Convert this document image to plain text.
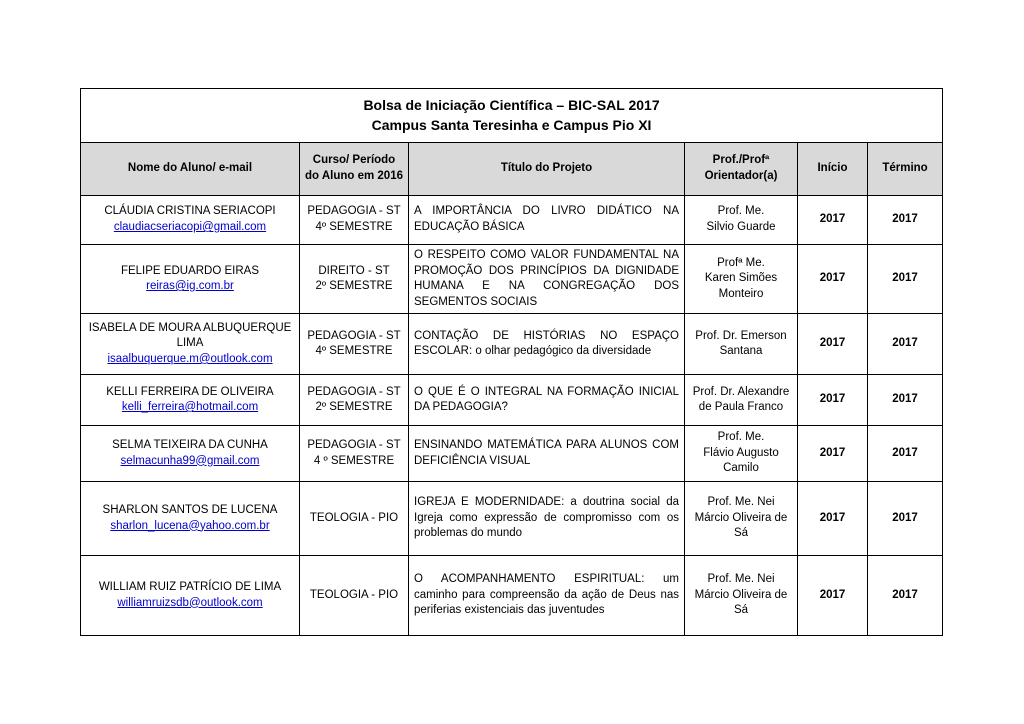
Bolsa de Iniciação Científica – BIC-SAL 2017
Campus Santa Teresinha e Campus Pio XI					

Nome do Aluno/ e-mail	Curso/ Período do Aluno em 2016	Título do Projeto	Prof./Profª Orientador(a)	Início	Término

CLÁUDIA CRISTINA SERIACOPI
claudiacseriacopi@gmail.com	PEDAGOGIA - ST
4º SEMESTRE	A IMPORTÂNCIA DO LIVRO DIDÁTICO NA EDUCAÇÃO BÁSICA	Prof. Me.
Silvio Guarde	2017	2017

FELIPE EDUARDO EIRAS
reiras@ig.com.br	DIREITO - ST
2º SEMESTRE	O RESPEITO COMO VALOR FUNDAMENTAL NA PROMOÇÃO DOS PRINCÍPIOS DA DIGNIDADE HUMANA E NA CONGREGAÇÃO DOS SEGMENTOS SOCIAIS	Profª Me.
Karen Simões
Monteiro	2017	2017

ISABELA DE MOURA ALBUQUERQUE LIMA
isaalbuquerque.m@outlook.com	PEDAGOGIA - ST
4º SEMESTRE	CONTAÇÃO DE HISTÓRIAS NO ESPAÇO ESCOLAR: o olhar pedagógico da diversidade	Prof. Dr. Emerson
Santana	2017	2017

KELLI FERREIRA DE OLIVEIRA
kelli_ferreira@hotmail.com	PEDAGOGIA - ST
2º SEMESTRE	O QUE É O INTEGRAL NA FORMAÇÃO INICIAL DA PEDAGOGIA?	Prof. Dr. Alexandre
de Paula Franco	2017	2017

SELMA TEIXEIRA DA CUNHA
selmacunha99@gmail.com	PEDAGOGIA - ST
4 º SEMESTRE	ENSINANDO MATEMÁTICA PARA ALUNOS COM DEFICIÊNCIA VISUAL	Prof. Me.
Flávio Augusto
Camilo	2017	2017

SHARLON SANTOS DE LUCENA
sharlon_lucena@yahoo.com.br	TEOLOGIA - PIO	IGREJA E MODERNIDADE: a doutrina social da Igreja como expressão de compromisso com os problemas do mundo	Prof. Me. Nei
Márcio Oliveira de
Sá	2017	2017

WILLIAM RUIZ PATRÍCIO DE LIMA
williamruizsdb@outlook.com	TEOLOGIA - PIO	O ACOMPANHAMENTO ESPIRITUAL: um caminho para compreensão da ação de Deus nas periferias existenciais das juventudes	Prof. Me. Nei
Márcio Oliveira de
Sá	2017	2017
